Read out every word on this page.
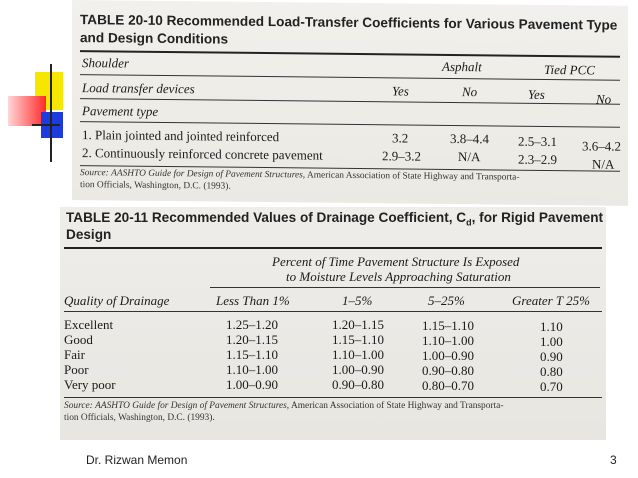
TABLE 20-10 Recommended Load-Transfer Coefficients for Various Pavement Type
and Design Conditions
Shoulder	Asphalt	Tied PCC
Load transfer devices	Yes	No	Yes	No
Pavement type
1. Plain jointed and jointed reinforced	3.2	3.8–4.4 2.5–3.1 3.6–4.2
2. Continuously reinforced concrete pavement	2.9–3.2	N/A	2.3–2.9	N/A
Source: AASHTO Guide for Design of Pavement Structures, American Association of State Highway and Transporta-
tion Officials, Washington, D.C. (1993).
TABLE 20-11 Recommended Values of Drainage Coefficient, $C_d$, for Rigid Pavement
Design
Percent of Time Pavement Structure Is Exposed
to Moisture Levels Approaching Saturation
Quality of Drainage	Less Than 1%	1–5%	5–25%	Greater T 25%
Excellent	1.25–1.20	1.20–1.15	1.15–1.10	1.10
Good	1.20–1.15	1.15–1.10	1.10–1.00	1.00
Fair	1.15–1.10	1.10–1.00	1.00–0.90	0.90
Poor	1.10–1.00	1.00–0.90	0.90–0.80	0.80
Very poor	1.00–0.90	0.90–0.80	0.80–0.70	0.70
Source: AASHTO Guide for Design of Pavement Structures, American Association of State Highway and Transporta-
tion Officials, Washington, D.C. (1993).
Dr. Rizwan Memon	3
